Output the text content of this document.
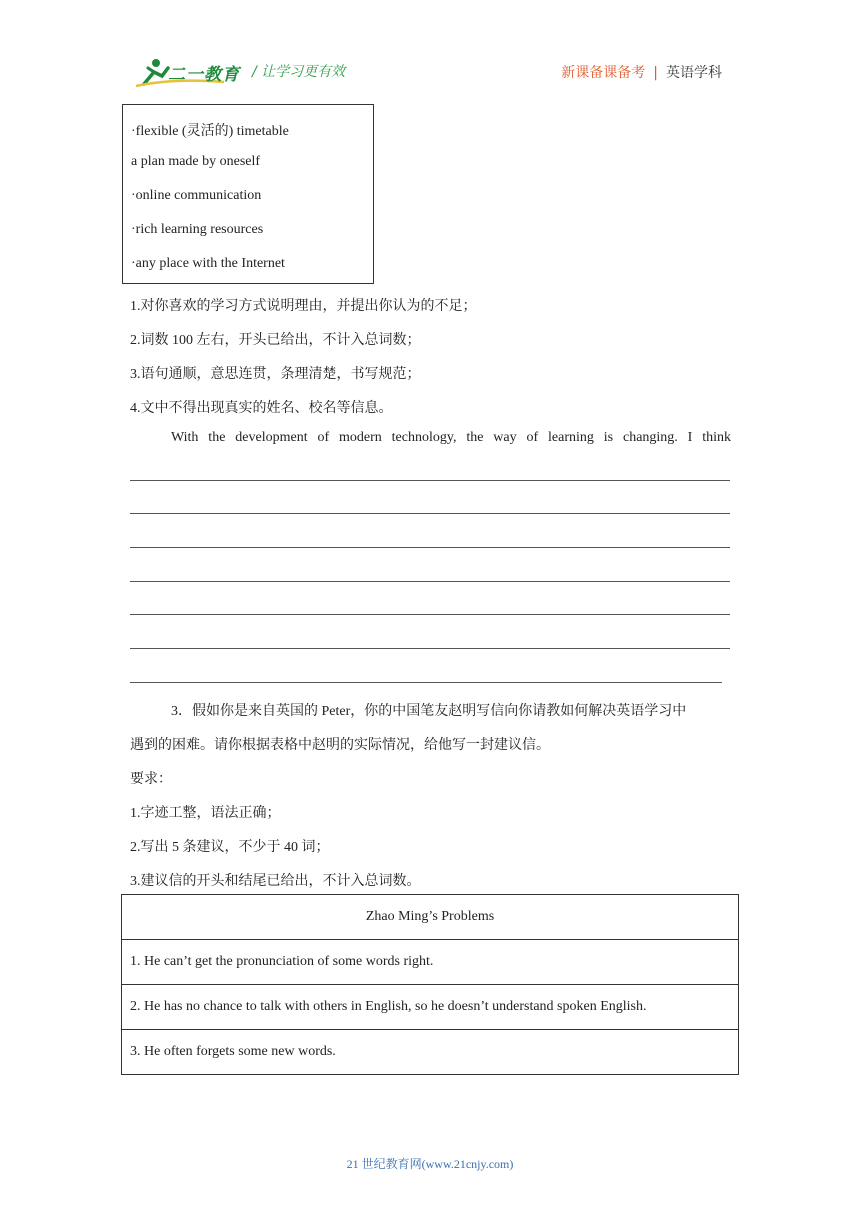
二一教育 / 让学习更有效	新课备课备考 | 英语学科
·flexible (灵活的) timetable
a plan made by oneself
·online communication
·rich learning resources
·any place with the Internet
1.对你喜欢的学习方式说明理由，并提出你认为的不足；
2.词数 100 左右，开头已给出，不计入总词数；
3.语句通顺，意思连贯，条理清楚，书写规范；
4.文中不得出现真实的姓名、校名等信息。
With the development of modern technology, the way of learning is changing. I think
3．假如你是来自英国的 Peter，你的中国笔友赵明写信向你请教如何解决英语学习中
遇到的困难。请你根据表格中赵明的实际情况，给他写一封建议信。
要求：
1.字迹工整，语法正确；
2.写出 5 条建议，不少于 40 词；
3.建议信的开头和结尾已给出，不计入总词数。
Zhao Ming’s Problems
1. He can’t get the pronunciation of some words right.
2. He has no chance to talk with others in English, so he doesn’t understand spoken English.
3. He often forgets some new words.
21 世纪教育网(www.21cnjy.com)
